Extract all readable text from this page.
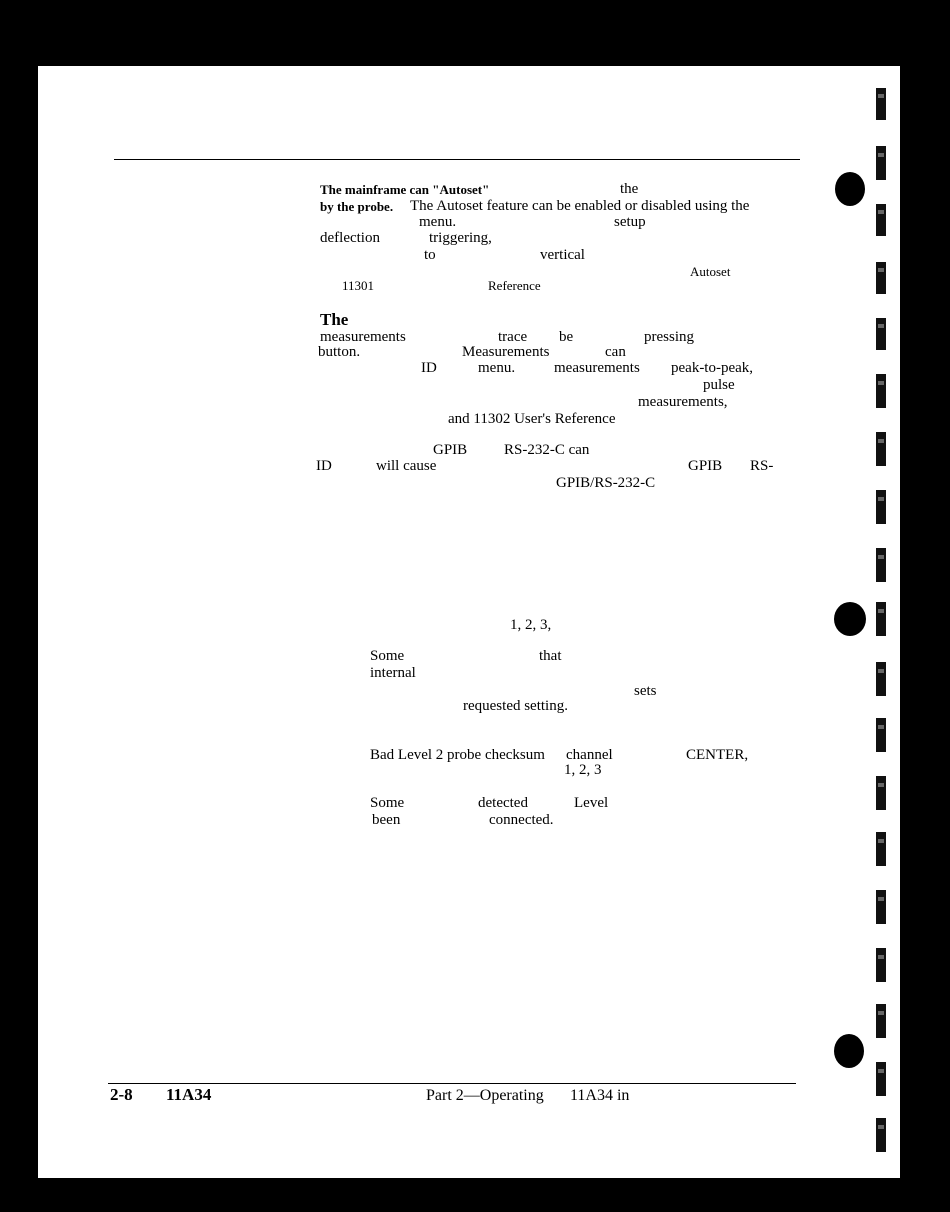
The mainframe can "Autoset"	the
by the probe. The Autoset feature can be enabled or disabled using the
menu.	setup
deflection	triggering,
to	vertical
Autoset
11301	Reference
The
measurements	trace be	pressing
button.	Measurements	can
ID	menu.	measurements peak-to-peak,
pulse
measurements,
and 11302 User's Reference
GPIB RS-232-C can
ID	will cause	GPIB RS-
GPIB/RS-232-C
1, 2, 3,
Some	that
internal
sets
requested setting.
Bad Level 2 probe checksum channel	CENTER,
1, 2, 3
Some	detected	Level
been	connected.
2-8 11A34	Part 2—Operating 11A34 in
